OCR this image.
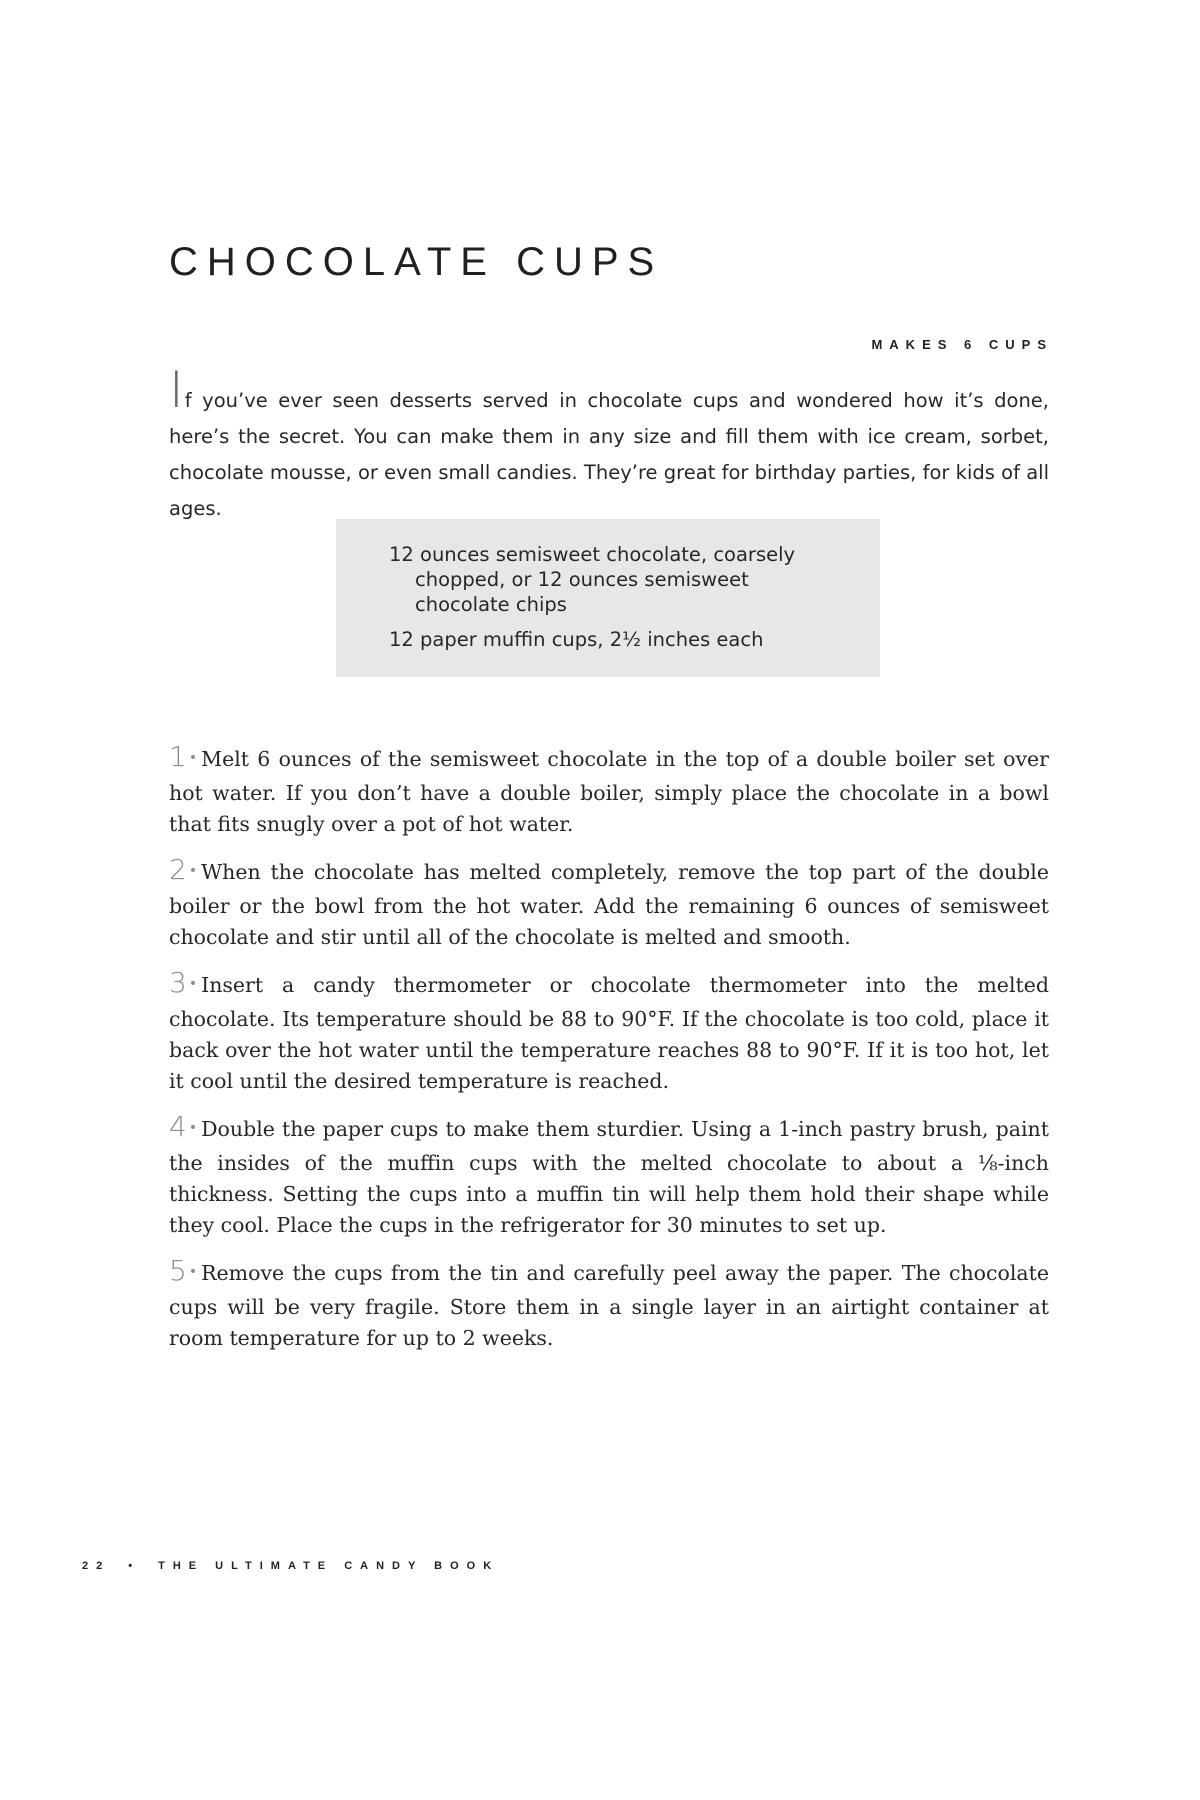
CHOCOLATE CUPS
MAKES 6 CUPS

If you’ve ever seen desserts served in chocolate cups and wondered how it’s done, here’s the secret. You can make them in any size and fill them with ice cream, sorbet, chocolate mousse, or even small candies. They’re great for birthday parties, for kids of all ages.

12 ounces semisweet chocolate, coarsely chopped, or 12 ounces semisweet chocolate chips

12 paper muffin cups, 2½ inches each

1 • Melt 6 ounces of the semisweet chocolate in the top of a double boiler set over hot water. If you don’t have a double boiler, simply place the chocolate in a bowl that fits snugly over a pot of hot water.

2 • When the chocolate has melted completely, remove the top part of the double boiler or the bowl from the hot water. Add the remaining 6 ounces of semisweet chocolate and stir until all of the chocolate is melted and smooth.

3 • Insert a candy thermometer or chocolate thermometer into the melted chocolate. Its temperature should be 88 to 90°F. If the chocolate is too cold, place it back over the hot water until the temperature reaches 88 to 90°F. If it is too hot, let it cool until the desired temperature is reached.

4 • Double the paper cups to make them sturdier. Using a 1-inch pastry brush, paint the insides of the muffin cups with the melted chocolate to about a ⅛-inch thickness. Setting the cups into a muffin tin will help them hold their shape while they cool. Place the cups in the refrigerator for 30 minutes to set up.

5 • Remove the cups from the tin and carefully peel away the paper. The chocolate cups will be very fragile. Store them in a single layer in an airtight container at room temperature for up to 2 weeks.

22 • THE ULTIMATE CANDY BOOK
